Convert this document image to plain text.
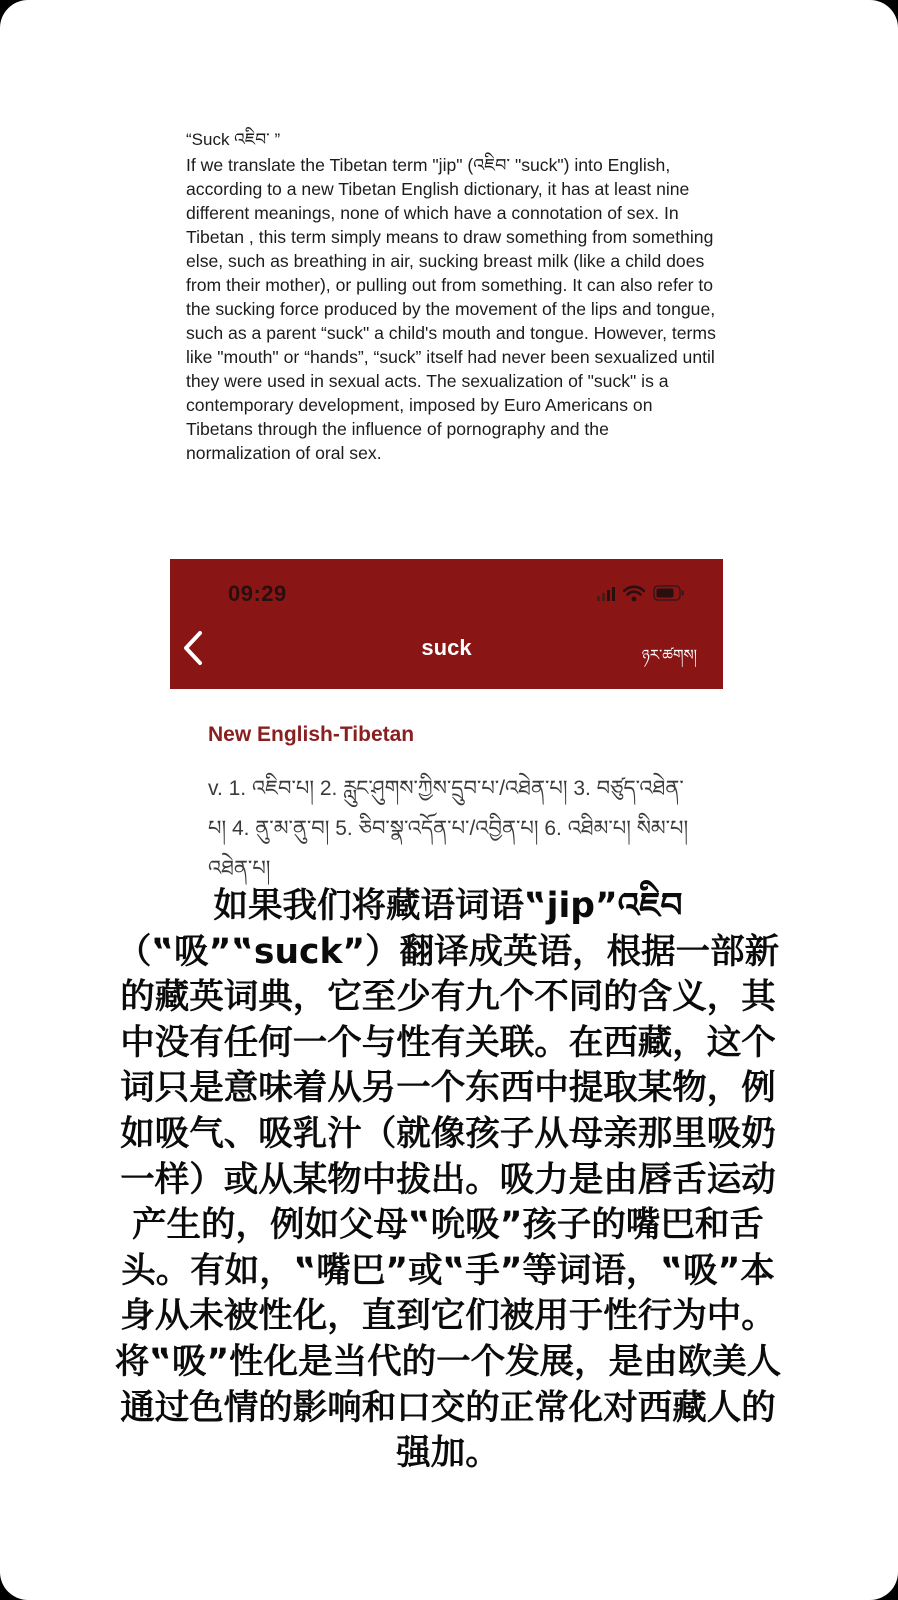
“Suck འཇིབ་ ”

If we translate the Tibetan term "jip" (འཇིབ་ "suck") into English, according to a new Tibetan English dictionary, it has at least nine different meanings, none of which have a connotation of sex. In Tibetan , this term simply means to draw something from something else, such as breathing in air, sucking breast milk (like a child does from their mother), or pulling out from something. It can also refer to the sucking force produced by the movement of the lips and tongue, such as a parent “suck" a child's mouth and tongue. However, terms like "mouth" or “hands”, “suck” itself had never been sexualized until they were used in sexual acts. The sexualization of "suck" is a contemporary development, imposed by Euro Americans on Tibetans through the influence of pornography and the normalization of oral sex.

09:29
suck	ཉར་ཚགས།
New English-Tibetan
v. 1. འཇིབ་པ། 2. རླུང་ཤུགས་ཀྱིས་དྲུབ་པ་/འཐེན་པ། 3. བཙུད་འཐེན་པ། 4. ནུ་མ་ནུ་བ། 5. ཅིབ་སྣ་འདོན་པ་/འབྱིན་པ། 6. འཐིམ་པ། སིམ་པ། འཐེན་པ།
如果我们将藏语词语‟jip”འཇིབ（‟吸”‟suck”）翻译成英语，根据一部新的藏英词典，它至少有九个不同的含义，其中没有任何一个与性有关联。在西藏，这个词只是意味着从另一个东西中提取某物，例如吸气、吸乳汁（就像孩子从母亲那里吸奶一样）或从某物中拔出。吸力是由唇舌运动产生的，例如父母‟吮吸”孩子的嘴巴和舌头。有如，‟嘴巴”或‟手”等词语，‟吸”本身从未被性化，直到它们被用于性行为中。将‟吸”性化是当代的一个发展，是由欧美人通过色情的影响和口交的正常化对西藏人的强加。
